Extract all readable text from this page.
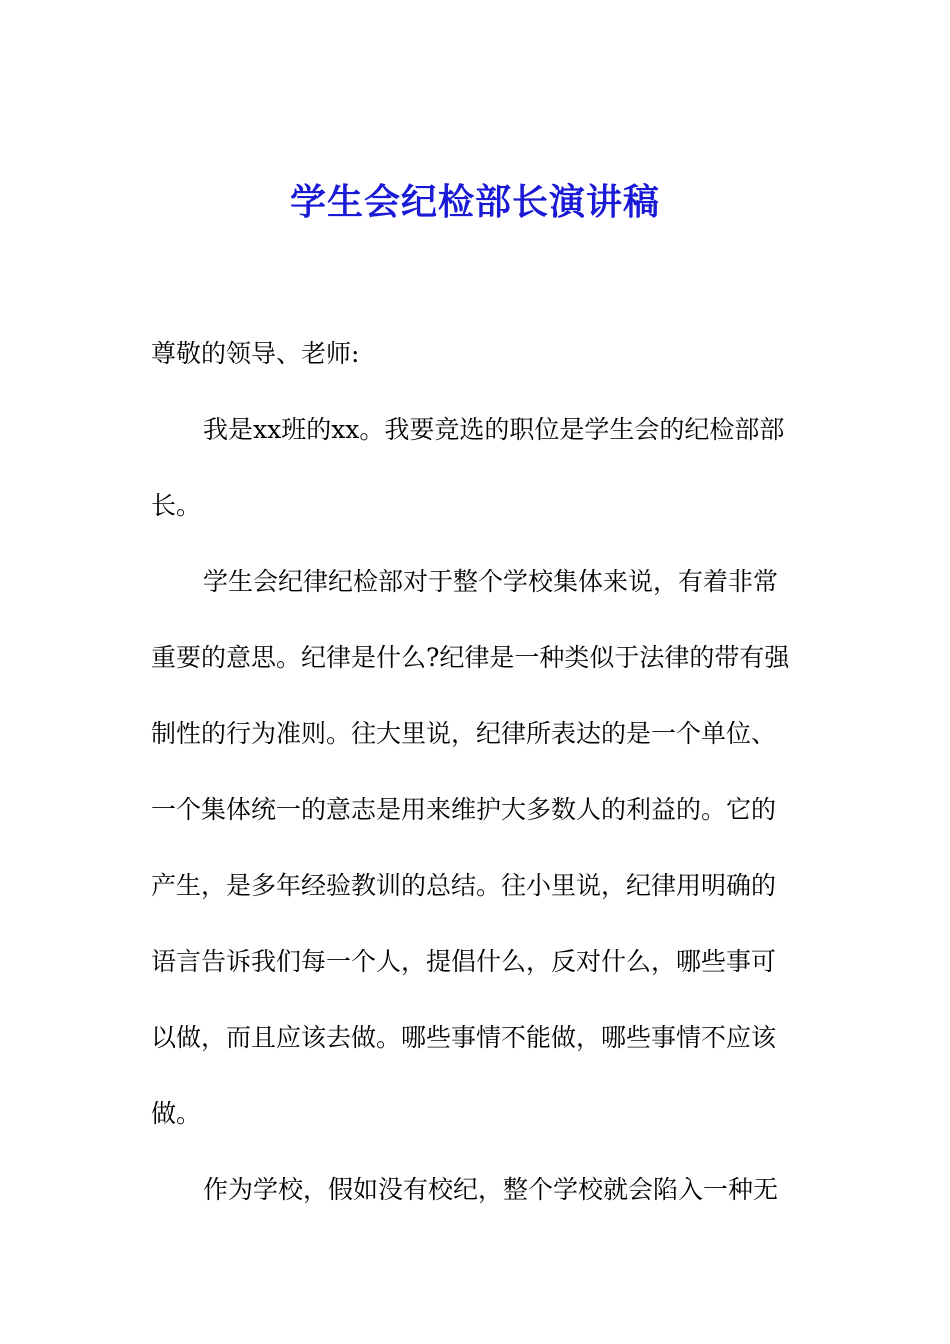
学生会纪检部长演讲稿

尊敬的领导、老师:

我是xx班的xx。我要竞选的职位是学生会的纪检部部
长。
学生会纪律纪检部对于整个学校集体来说，有着非常
重要的意思。纪律是什么?纪律是一种类似于法律的带有强
制性的行为准则。往大里说，纪律所表达的是一个单位、
一个集体统一的意志是用来维护大多数人的利益的。它的
产生，是多年经验教训的总结。往小里说，纪律用明确的
语言告诉我们每一个人，提倡什么，反对什么，哪些事可
以做，而且应该去做。哪些事情不能做，哪些事情不应该
做。
作为学校，假如没有校纪，整个学校就会陷入一种无
